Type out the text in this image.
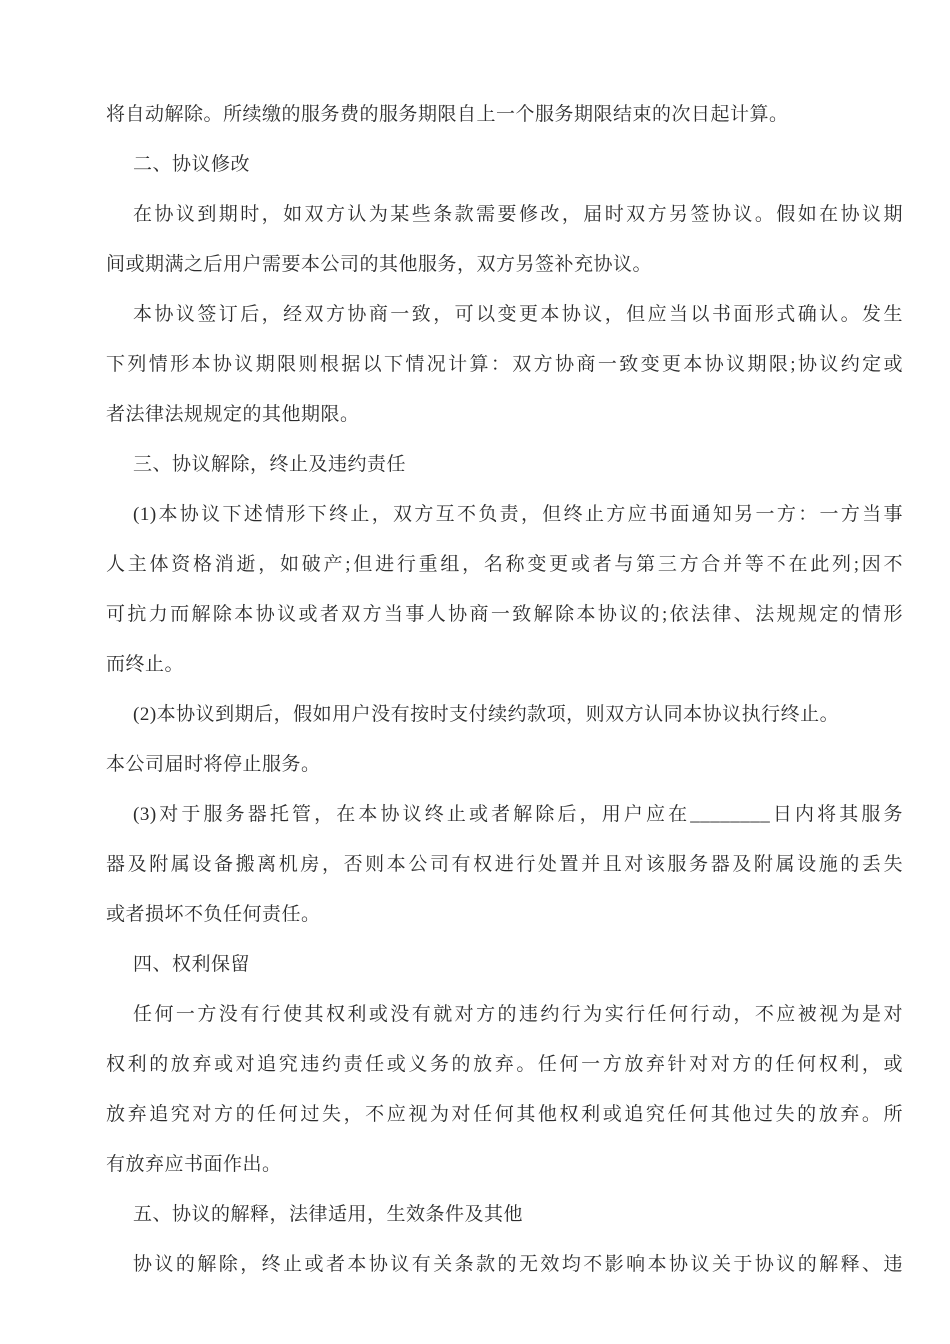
将自动解除。所续缴的服务费的服务期限自上一个服务期限结束的次日起计算。
二、协议修改
在协议到期时，如双方认为某些条款需要修改，届时双方另签协议。假如在协议期
间或期满之后用户需要本公司的其他服务，双方另签补充协议。
本协议签订后，经双方协商一致，可以变更本协议，但应当以书面形式确认。发生
下列情形本协议期限则根据以下情况计算：双方协商一致变更本协议期限;协议约定或
者法律法规规定的其他期限。
三、协议解除，终止及违约责任
(1)本协议下述情形下终止，双方互不负责，但终止方应书面通知另一方：一方当事
人主体资格消逝，如破产;但进行重组，名称变更或者与第三方合并等不在此列;因不
可抗力而解除本协议或者双方当事人协商一致解除本协议的;依法律、法规规定的情形
而终止。
(2)本协议到期后，假如用户没有按时支付续约款项，则双方认同本协议执行终止。
本公司届时将停止服务。
(3)对于服务器托管，在本协议终止或者解除后，用户应在________日内将其服务
器及附属设备搬离机房，否则本公司有权进行处置并且对该服务器及附属设施的丢失
或者损坏不负任何责任。
四、权利保留
任何一方没有行使其权利或没有就对方的违约行为实行任何行动，不应被视为是对
权利的放弃或对追究违约责任或义务的放弃。任何一方放弃针对对方的任何权利，或
放弃追究对方的任何过失，不应视为对任何其他权利或追究任何其他过失的放弃。所
有放弃应书面作出。
五、协议的解释，法律适用，生效条件及其他
协议的解除，终止或者本协议有关条款的无效均不影响本协议关于协议的解释、违
